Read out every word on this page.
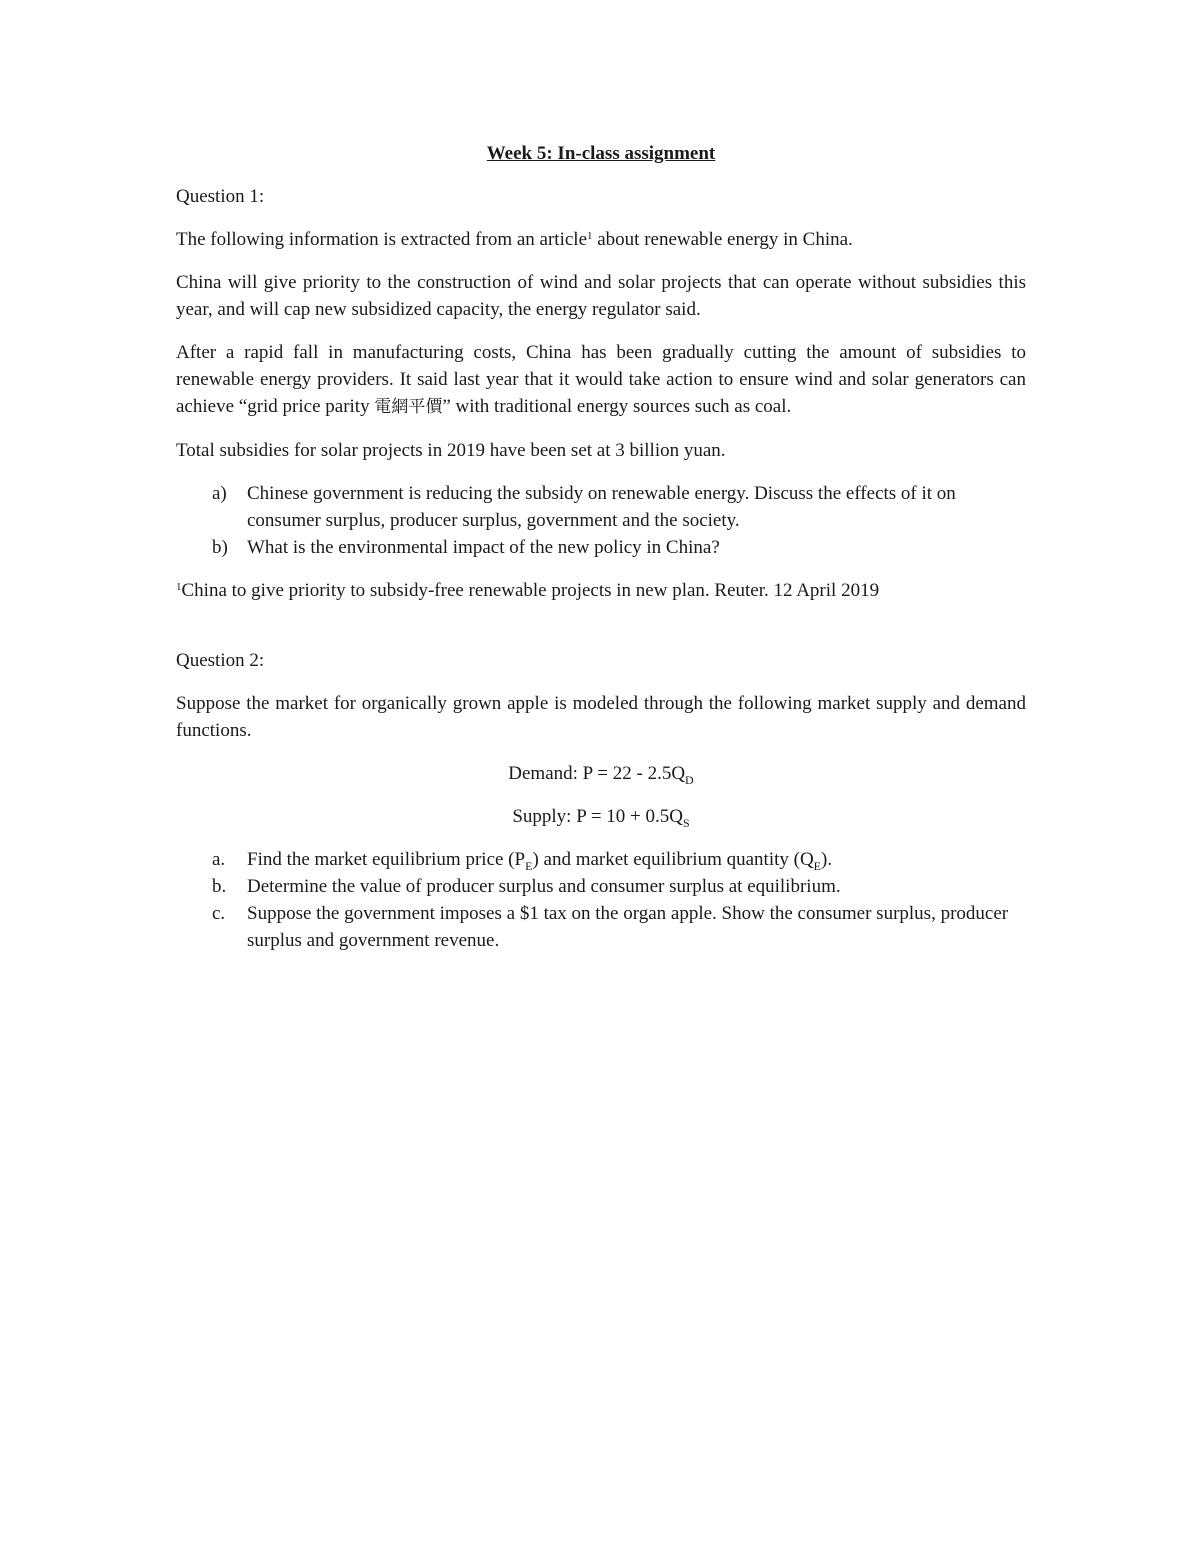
Week 5: In-class assignment

Question 1:

The following information is extracted from an article$^1$ about renewable energy in China.

China will give priority to the construction of wind and solar projects that can operate without subsidies this year, and will cap new subsidized capacity, the energy regulator said.

After a rapid fall in manufacturing costs, China has been gradually cutting the amount of subsidies to renewable energy providers. It said last year that it would take action to ensure wind and solar generators can achieve “grid price parity 電網平價” with traditional energy sources such as coal.

Total subsidies for solar projects in 2019 have been set at 3 billion yuan.

a) Chinese government is reducing the subsidy on renewable energy. Discuss the effects of it on consumer surplus, producer surplus, government and the society.
b) What is the environmental impact of the new policy in China?

$^1$China to give priority to subsidy-free renewable projects in new plan. Reuter. 12 April 2019

Question 2:

Suppose the market for organically grown apple is modeled through the following market supply and demand functions.

Demand: $P = 22 - 2.5Q_D$

Supply: $P = 10 + 0.5Q_S$

a. Find the market equilibrium price $(P_E)$ and market equilibrium quantity $(Q_E)$.
b. Determine the value of producer surplus and consumer surplus at equilibrium.
c. Suppose the government imposes a $1 tax on the organ apple. Show the consumer surplus, producer surplus and government revenue.
